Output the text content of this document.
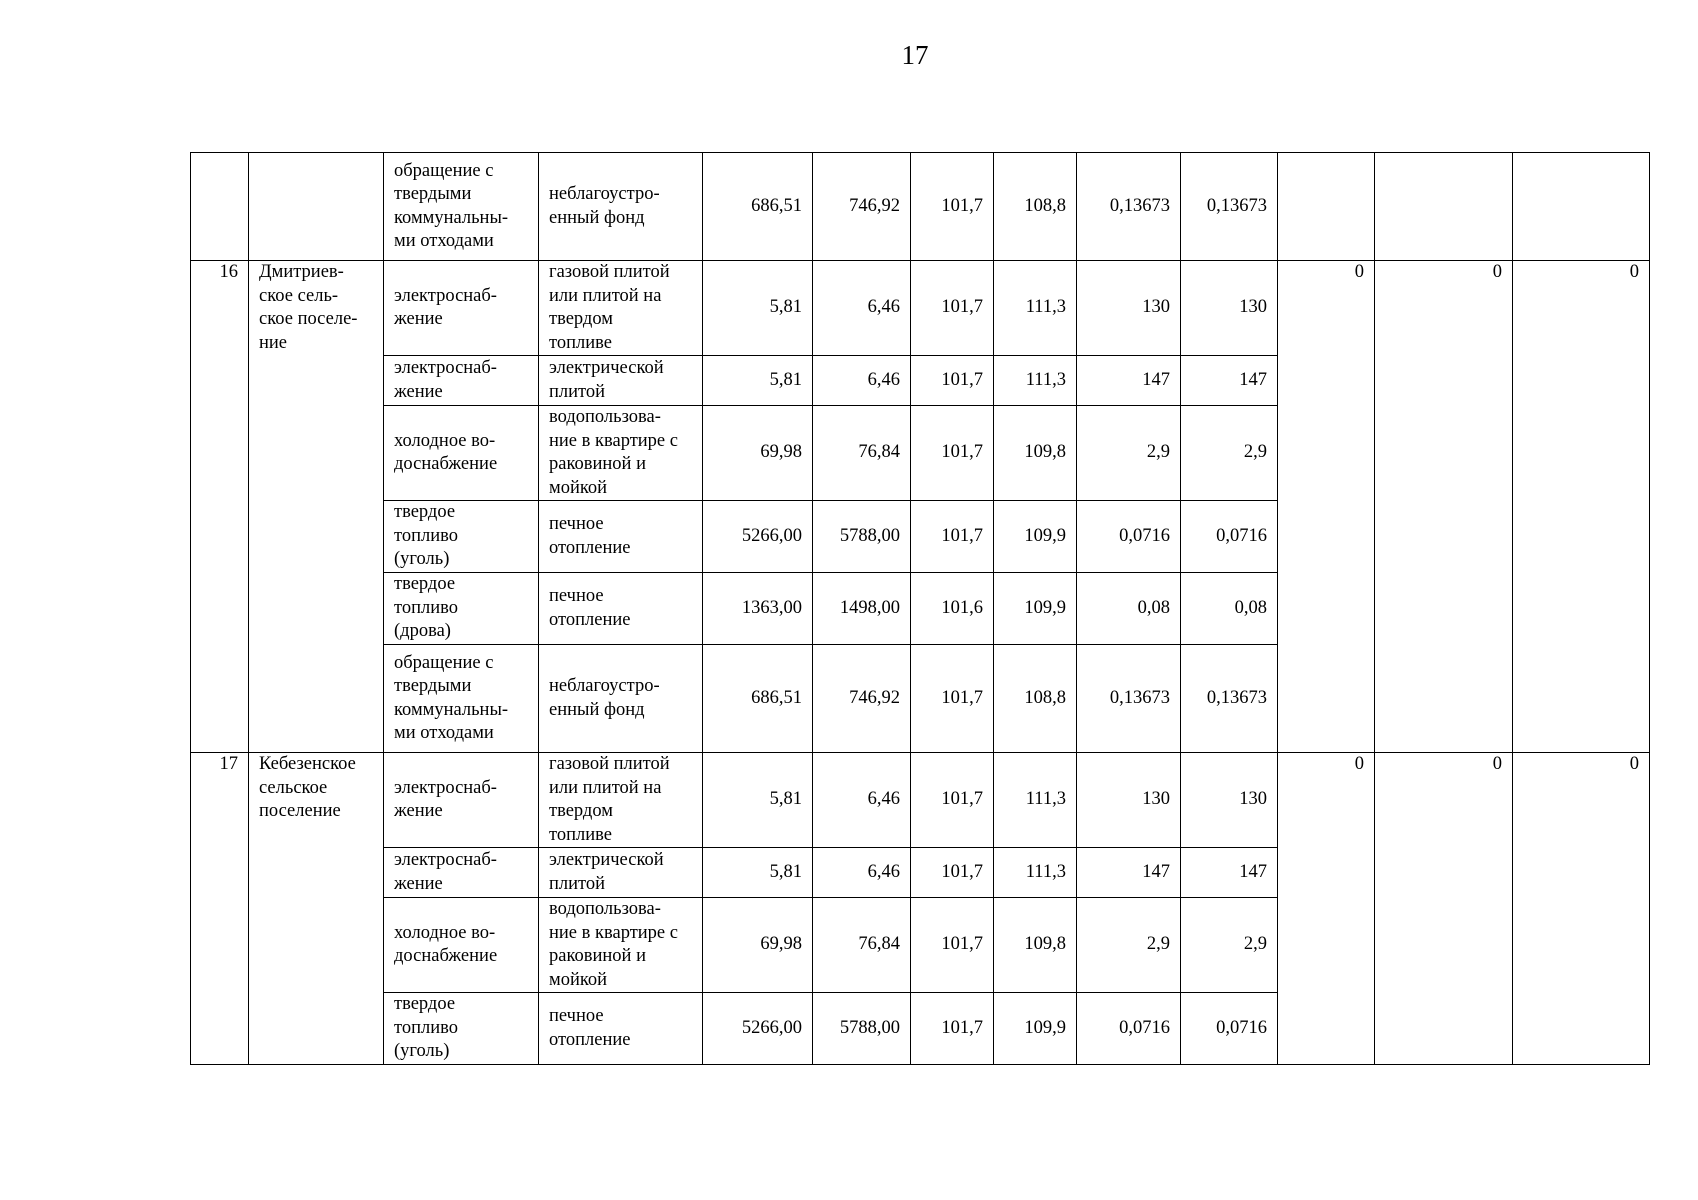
17
		обращение с
твердыми
коммунальны-
ми отходами	неблагоустро-
енный фонд	686,51	746,92	101,7	108,8	0,13673	0,13673			
16	Дмитриев-
ское сель-
ское поселе-
ние	электроснаб-
жение	газовой плитой
или плитой на
твердом
топливе	5,81	6,46	101,7	111,3	130	130	0	0	0
		электроснаб-
жение	электрической
плитой	5,81	6,46	101,7	111,3	147	147			
		холодное во-
доснабжение	водопользова-
ние в квартире с
раковиной и
мойкой	69,98	76,84	101,7	109,8	2,9	2,9			
		твердое
топливо
(уголь)	печное
отопление	5266,00	5788,00	101,7	109,9	0,0716	0,0716			
		твердое
топливо
(дрова)	печное
отопление	1363,00	1498,00	101,6	109,9	0,08	0,08			
		обращение с
твердыми
коммунальны-
ми отходами	неблагоустро-
енный фонд	686,51	746,92	101,7	108,8	0,13673	0,13673			
17	Кебезенское
сельское
поселение	электроснаб-
жение	газовой плитой
или плитой на
твердом
топливе	5,81	6,46	101,7	111,3	130	130	0	0	0
		электроснаб-
жение	электрической
плитой	5,81	6,46	101,7	111,3	147	147			
		холодное во-
доснабжение	водопользова-
ние в квартире с
раковиной и
мойкой	69,98	76,84	101,7	109,8	2,9	2,9			
		твердое
топливо
(уголь)	печное
отопление	5266,00	5788,00	101,7	109,9	0,0716	0,0716			
